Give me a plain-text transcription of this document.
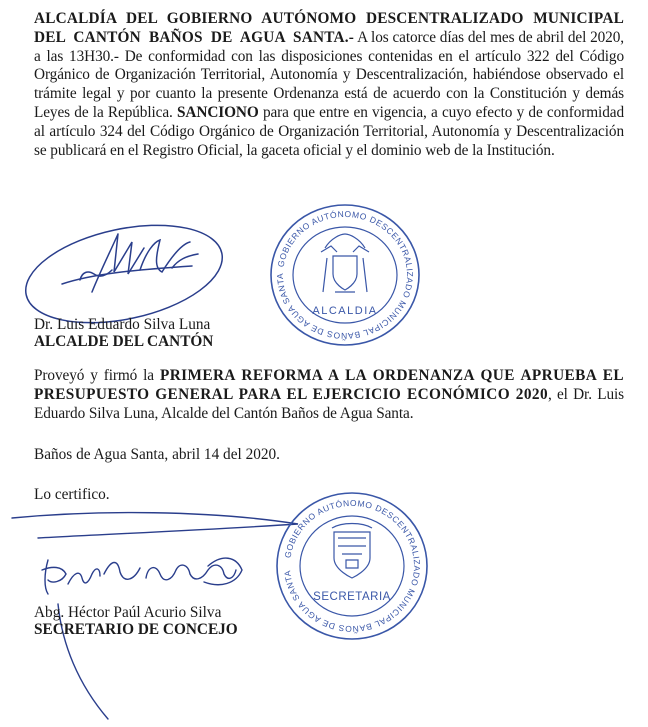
ALCALDÍA DEL GOBIERNO AUTÓNOMO DESCENTRALIZADO MUNICIPAL DEL CANTÓN BAÑOS DE AGUA SANTA.- A los catorce días del mes de abril del 2020, a las 13H30.- De conformidad con las disposiciones contenidas en el artículo 322 del Código Orgánico de Organización Territorial, Autonomía y Descentralización, habiéndose observado el trámite legal y por cuanto la presente Ordenanza está de acuerdo con la Constitución y demás Leyes de la República. SANCIONO para que entre en vigencia, a cuyo efecto y de conformidad al artículo 324 del Código Orgánico de Organización Territorial, Autonomía y Descentralización se publicará en el Registro Oficial, la gaceta oficial y el dominio web de la Institución.
GOBIERNO AUTÓNOMO DESCENTRALIZADO MUNICIPAL BAÑOS DE AGUA SANTA
ALCALDIA
Dr. Luis Eduardo Silva Luna
ALCALDE DEL CANTÓN
Proveyó y firmó la PRIMERA REFORMA A LA ORDENANZA QUE APRUEBA EL PRESUPUESTO GENERAL PARA EL EJERCICIO ECONÓMICO 2020, el Dr. Luis Eduardo Silva Luna, Alcalde del Cantón Baños de Agua Santa.
Baños de Agua Santa, abril 14 del 2020.
Lo certifico.
GOBIERNO AUTÓNOMO DESCENTRALIZADO MUNICIPAL BAÑOS DE AGUA SANTA
SECRETARIA
Abg. Héctor Paúl Acurio Silva
SECRETARIO DE CONCEJO
